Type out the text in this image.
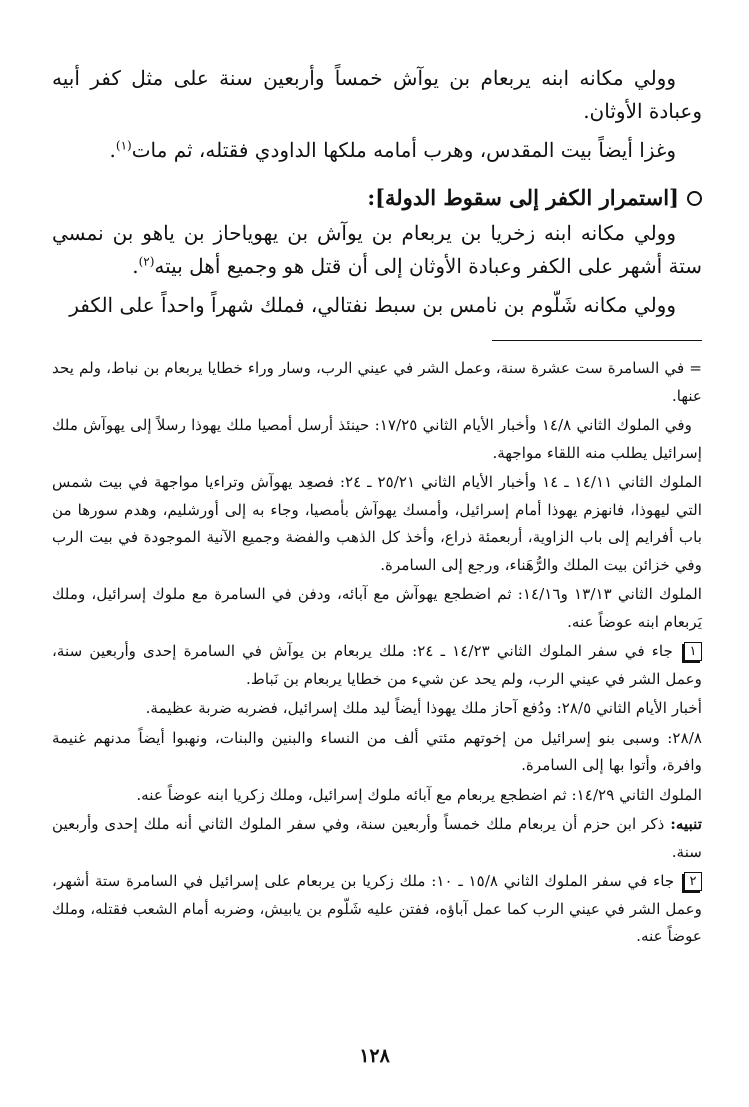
وولي مكانه ابنه يربعام بن يوآش خمساً وأربعين سنة على مثل كفر أبيه وعبادة الأوثان.

وغزا أيضاً بيت المقدس، وهرب أمامه ملكها الداودي فقتله، ثم مات$^{(١)}$.

[استمرار الكفر إلى سقوط الدولة]:

وولي مكانه ابنه زخريا بن يربعام بن يوآش بن يهوياحاز بن ياهو بن نمسي ستة أشهر على الكفر وعبادة الأوثان إلى أن قتل هو وجميع أهل بيته$^{(٢)}$.

وولي مكانه شَلّوم بن نامس بن سبط نفتالي، فملك شهراً واحداً على الكفر

= في السامرة ست عشرة سنة، وعمل الشر في عيني الرب، وسار وراء خطايا يربعام بن نباط، ولم يحد عنها.

وفي الملوك الثاني ١٤/٨ وأخبار الأيام الثاني ١٧/٢٥: حينئذ أرسل أمصيا ملك يهوذا رسلاً إلى يهوآش ملك إسرائيل يطلب منه اللقاء مواجهة.

الملوك الثاني ١٤/١١ ـ ١٤ وأخبار الأيام الثاني ٢٥/٢١ ـ ٢٤: فصعِد يهوآش وتراءيا مواجهة في بيت شمس التي ليهوذا، فانهزم يهوذا أمام إسرائيل، وأمسك يهوآش بأمصيا، وجاء به إلى أورشليم، وهدم سورها من باب أفرايم إلى باب الزاوية، أربعمئة ذراع، وأخذ كل الذهب والفضة وجميع الآنية الموجودة في بيت الرب وفي خزائن بيت الملك والرُّهَناء، ورجع إلى السامرة.

الملوك الثاني ١٣/١٣ و١٤/١٦: ثم اضطجع يهوآش مع آبائه، ودفن في السامرة مع ملوك إسرائيل، وملك يَربعام ابنه عوضاً عنه.

١ جاء في سفر الملوك الثاني ١٤/٢٣ ـ ٢٤: ملك يربعام بن يوآش في السامرة إحدى وأربعين سنة، وعمل الشر في عيني الرب، ولم يحد عن شيء من خطايا يربعام بن نَباط.

أخبار الأيام الثاني ٢٨/٥: ودُفع آحاز ملك يهوذا أيضاً ليد ملك إسرائيل، فضربه ضربة عظيمة.

٢٨/٨: وسبى بنو إسرائيل من إخوتهم مئتي ألف من النساء والبنين والبنات، ونهبوا أيضاً مدنهم غنيمة وافرة، وأتوا بها إلى السامرة.

الملوك الثاني ١٤/٢٩: ثم اضطجع يربعام مع آبائه ملوك إسرائيل، وملك زكريا ابنه عوضاً عنه.

تنبيه: ذكر ابن حزم أن يربعام ملك خمساً وأربعين سنة، وفي سفر الملوك الثاني أنه ملك إحدى وأربعين سنة.

٢ جاء في سفر الملوك الثاني ١٥/٨ ـ ١٠: ملك زكريا بن يربعام على إسرائيل في السامرة ستة أشهر، وعمل الشر في عيني الرب كما عمل آباؤه، ففتن عليه شَلّوم بن يابيش، وضربه أمام الشعب فقتله، وملك عوضاً عنه.

١٢٨
